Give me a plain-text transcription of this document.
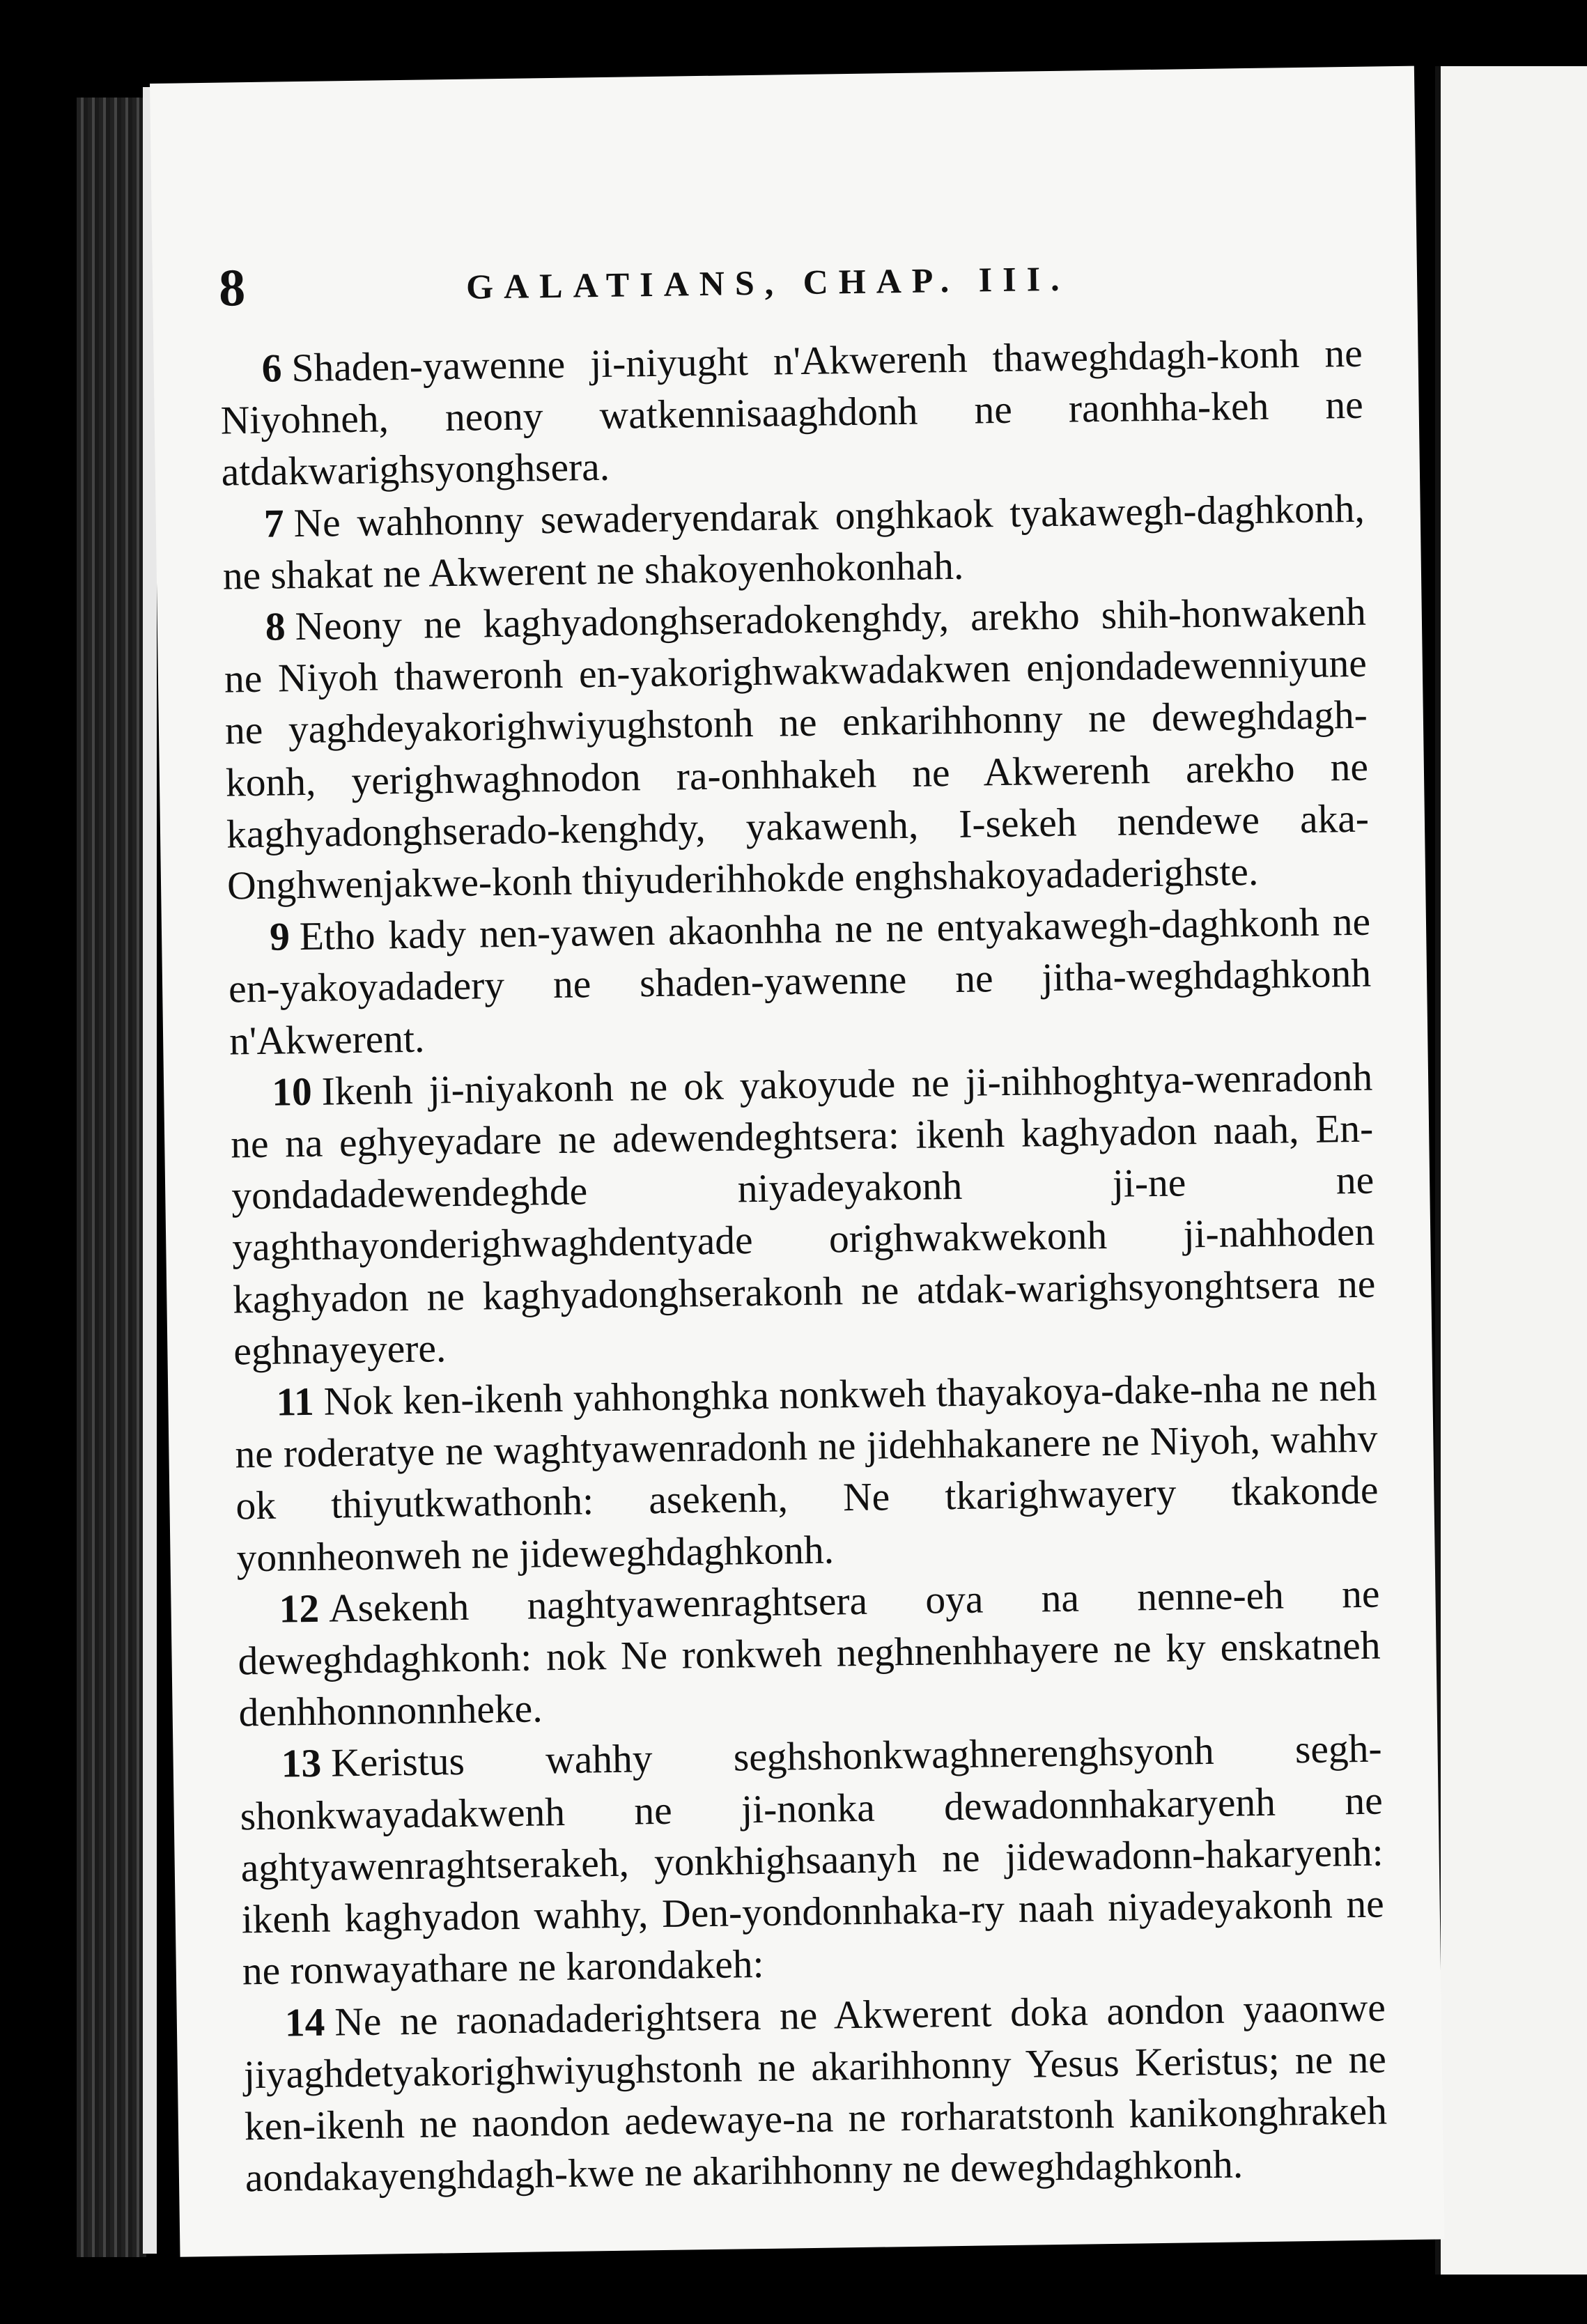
8	GALATIANS, CHAP. III.

6 Shaden-yawenne ji-niyught n'Akwerenh thaweghdagh-konh ne Niyohneh, neony watkennisaaghdonh ne raonhha-keh ne atdakwarighsyonghsera.

7 Ne wahhonny sewaderyendarak onghkaok tyakawegh-daghkonh, ne shakat ne Akwerent ne shakoyenhokonhah.

8 Neony ne kaghyadonghseradokenghdy, arekho shih-honwakenh ne Niyoh thaweronh en-yakorighwakwadakwen enjondadewenniyune ne yaghdeyakorighwiyughstonh ne enkarihhonny ne deweghdagh-konh, yerighwaghnodon ra-onhhakeh ne Akwerenh arekho ne kaghyadonghserado-kenghdy, yakawenh, I-sekeh nendewe aka-Onghwenjakwe-konh thiyuderihhokde enghshakoyadaderighste.

9 Etho kady nen-yawen akaonhha ne ne entyakawegh-daghkonh ne en-yakoyadadery ne shaden-yawenne ne jitha-weghdaghkonh n'Akwerent.

10 Ikenh ji-niyakonh ne ok yakoyude ne ji-nihhoghtya-wenradonh ne na eghyeyadare ne adewendeghtsera: ikenh kaghyadon naah, En-yondadadewendeghde niyadeyakonh ji-ne ne yaghthayonderighwaghdentyade orighwakwekonh ji-nahhoden kaghyadon ne kaghyadonghserakonh ne atdak-warighsyonghtsera ne eghnayeyere.

11 Nok ken-ikenh yahhonghka nonkweh thayakoya-dake-nha ne neh ne roderatye ne waghtyawenradonh ne jidehhakanere ne Niyoh, wahhv ok thiyutkwathonh: asekenh, Ne tkarighwayery tkakonde yonnheonweh ne jideweghdaghkonh.

12 Asekenh naghtyawenraghtsera oya na nenne-eh ne deweghdaghkonh: nok Ne ronkweh neghnenhhayere ne ky enskatneh denhhonnonnheke.

13 Keristus wahhy seghshonkwaghnerenghsyonh segh-shonkwayadakwenh ne ji-nonka dewadonnhakaryenh ne aghtyawenraghtserakeh, yonkhighsaanyh ne jidewadonn-hakaryenh: ikenh kaghyadon wahhy, Den-yondonnhaka-ry naah niyadeyakonh ne ne ronwayathare ne karondakeh:

14 Ne ne raonadaderightsera ne Akwerent doka aondon yaaonwe jiyaghdetyakorighwiyughstonh ne akarihhonny Yesus Keristus; ne ne ken-ikenh ne naondon aedewaye-na ne rorharatstonh kanikonghrakeh aondakayenghdagh-kwe ne akarihhonny ne deweghdaghkonh.
